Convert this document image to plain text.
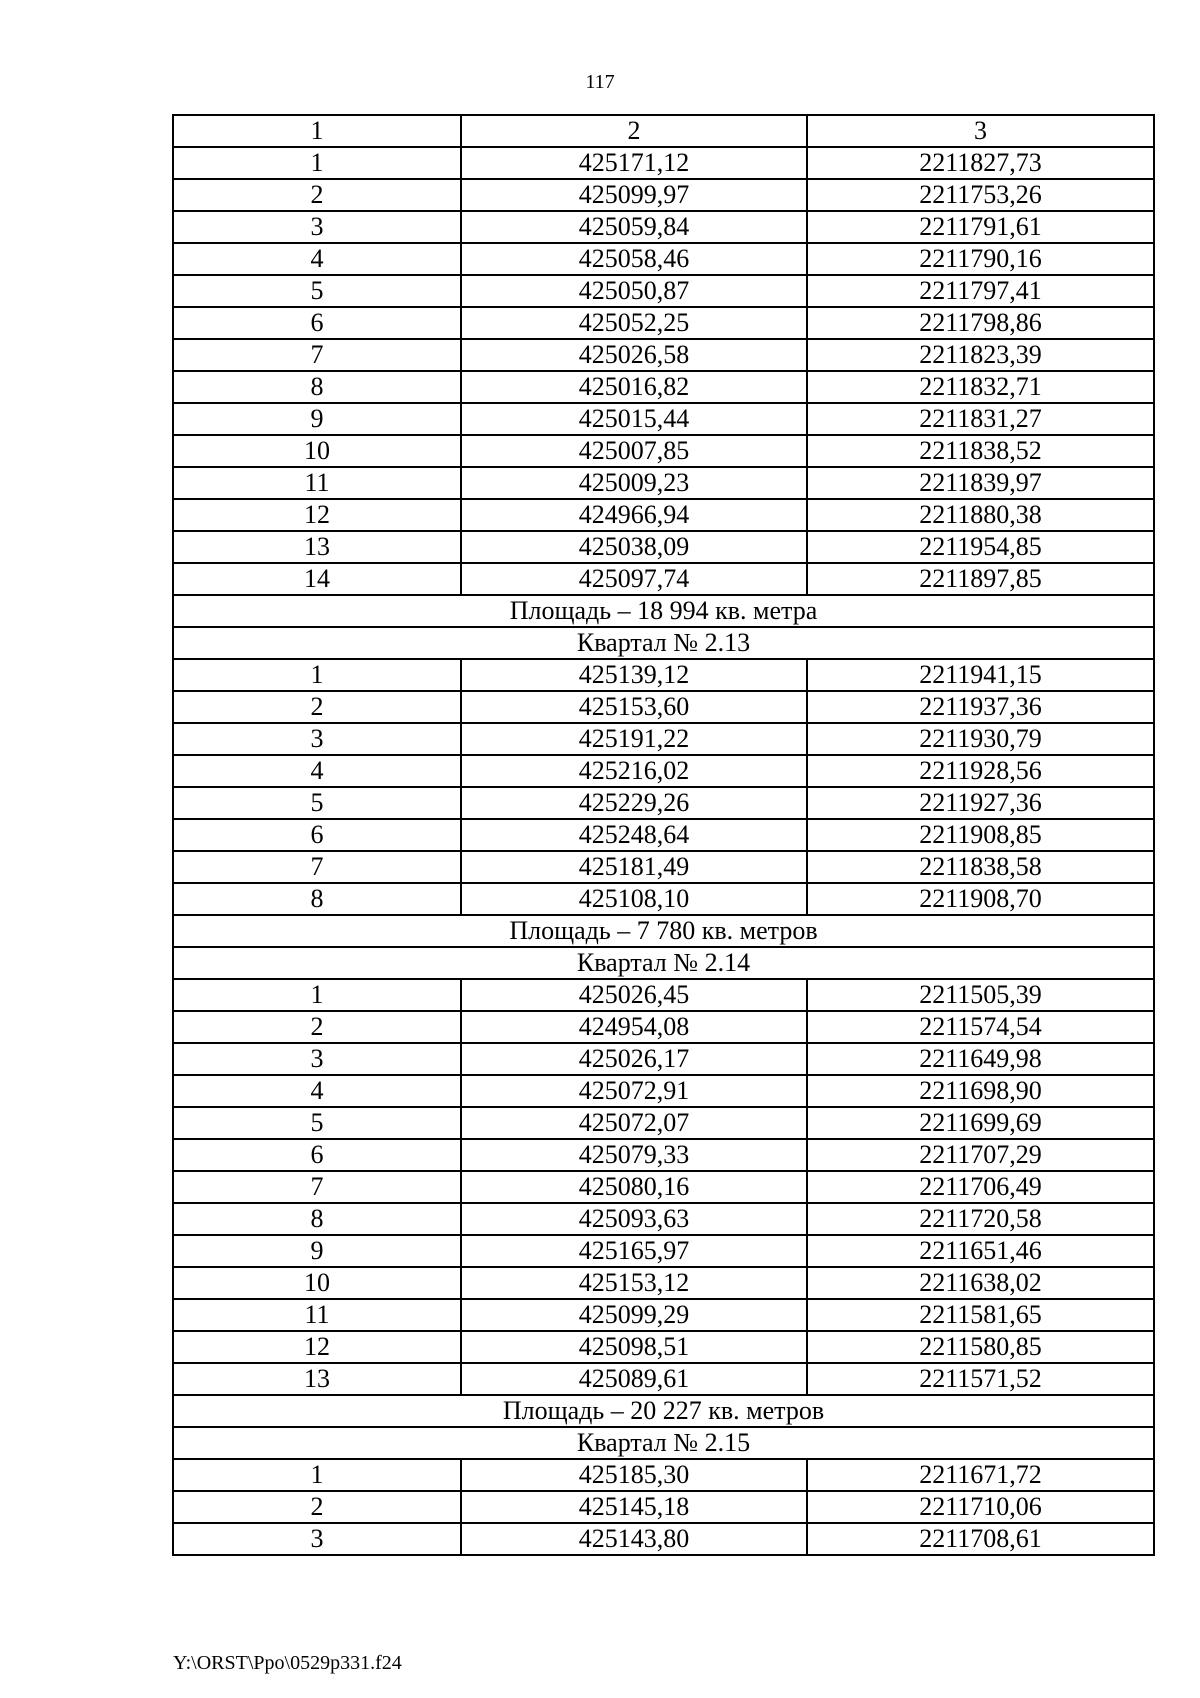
117
1	2	3
1	425171,12	2211827,73
2	425099,97	2211753,26
3	425059,84	2211791,61
4	425058,46	2211790,16
5	425050,87	2211797,41
6	425052,25	2211798,86
7	425026,58	2211823,39
8	425016,82	2211832,71
9	425015,44	2211831,27
10	425007,85	2211838,52
11	425009,23	2211839,97
12	424966,94	2211880,38
13	425038,09	2211954,85
14	425097,74	2211897,85
Площадь – 18 994 кв. метра		
Квартал № 2.13		
1	425139,12	2211941,15
2	425153,60	2211937,36
3	425191,22	2211930,79
4	425216,02	2211928,56
5	425229,26	2211927,36
6	425248,64	2211908,85
7	425181,49	2211838,58
8	425108,10	2211908,70
Площадь – 7 780 кв. метров		
Квартал № 2.14		
1	425026,45	2211505,39
2	424954,08	2211574,54
3	425026,17	2211649,98
4	425072,91	2211698,90
5	425072,07	2211699,69
6	425079,33	2211707,29
7	425080,16	2211706,49
8	425093,63	2211720,58
9	425165,97	2211651,46
10	425153,12	2211638,02
11	425099,29	2211581,65
12	425098,51	2211580,85
13	425089,61	2211571,52
Площадь – 20 227 кв. метров		
Квартал № 2.15		
1	425185,30	2211671,72
2	425145,18	2211710,06
3	425143,80	2211708,61
Y:\ORST\Ppo\0529p331.f24
